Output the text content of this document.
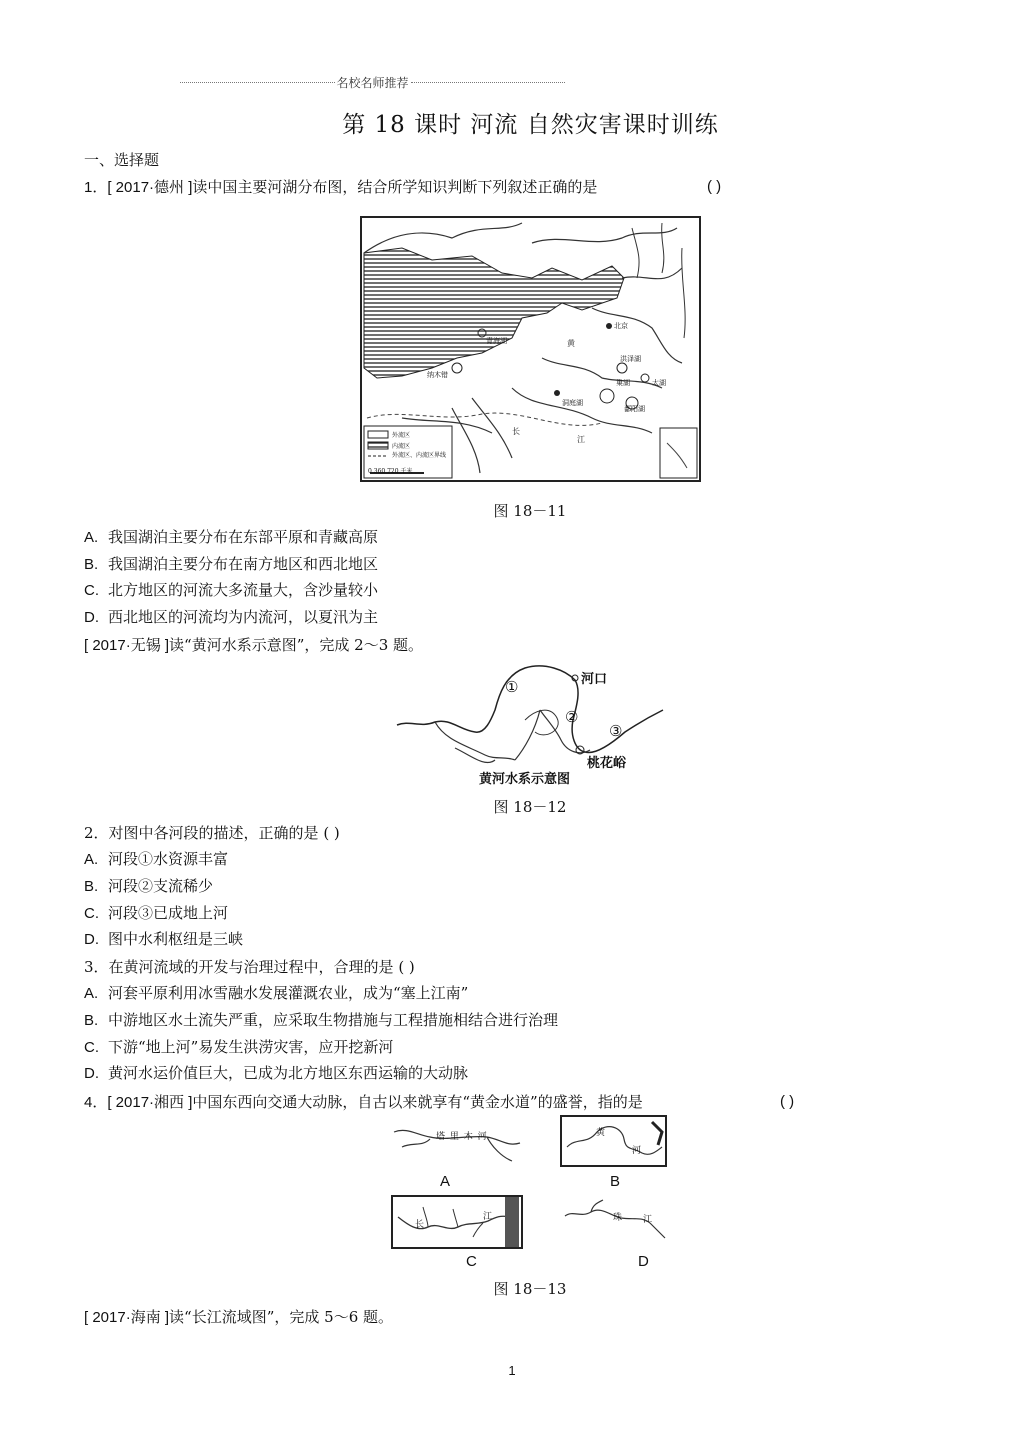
名校名师推荐
第 18 课时 河流 自然灾害课时训练
一、选择题
1．[ 2017·德州 ]读中国主要河湖分布图，结合所学知识判断下列叙述正确的是	( )
外流区
内流区
外流区、内流区界线
0 360 720 千米
洪泽湖
巢湖	太湖
鄱阳湖
洞庭湖
青海湖
纳木错
北京
黄
江
长
图 18－11
A. 我国湖泊主要分布在东部平原和青藏高原
B. 我国湖泊主要分布在南方地区和西北地区
C. 北方地区的河流大多流量大，含沙量较小
D. 西北地区的河流均为内流河，以夏汛为主
[ 2017·无锡 ]读“黄河水系示意图”，完成 2～3 题。
①
②
③
河口
桃花峪
黄河水系示意图
图 18－12
2．对图中各河段的描述，正确的是 ( )
A. 河段①水资源丰富
B. 河段②支流稀少
C. 河段③已成地上河
D. 图中水利枢纽是三峡
3．在黄河流域的开发与治理过程中，合理的是 ( )
A. 河套平原利用冰雪融水发展灌溉农业，成为“塞上江南”
B. 中游地区水土流失严重，应采取生物措施与工程措施相结合进行治理
C. 下游“地上河”易发生洪涝灾害，应开挖新河
D. 黄河水运价值巨大，已成为北方地区东西运输的大动脉
4．[ 2017·湘西 ]中国东西向交通大动脉，自古以来就享有“黄金水道”的盛誉，指的是	( )
塔 里 木 河
A
黄
河
B
长
江
C
珠 江
D
图 18－13
[ 2017·海南 ]读“长江流域图”，完成 5～6 题。
1
